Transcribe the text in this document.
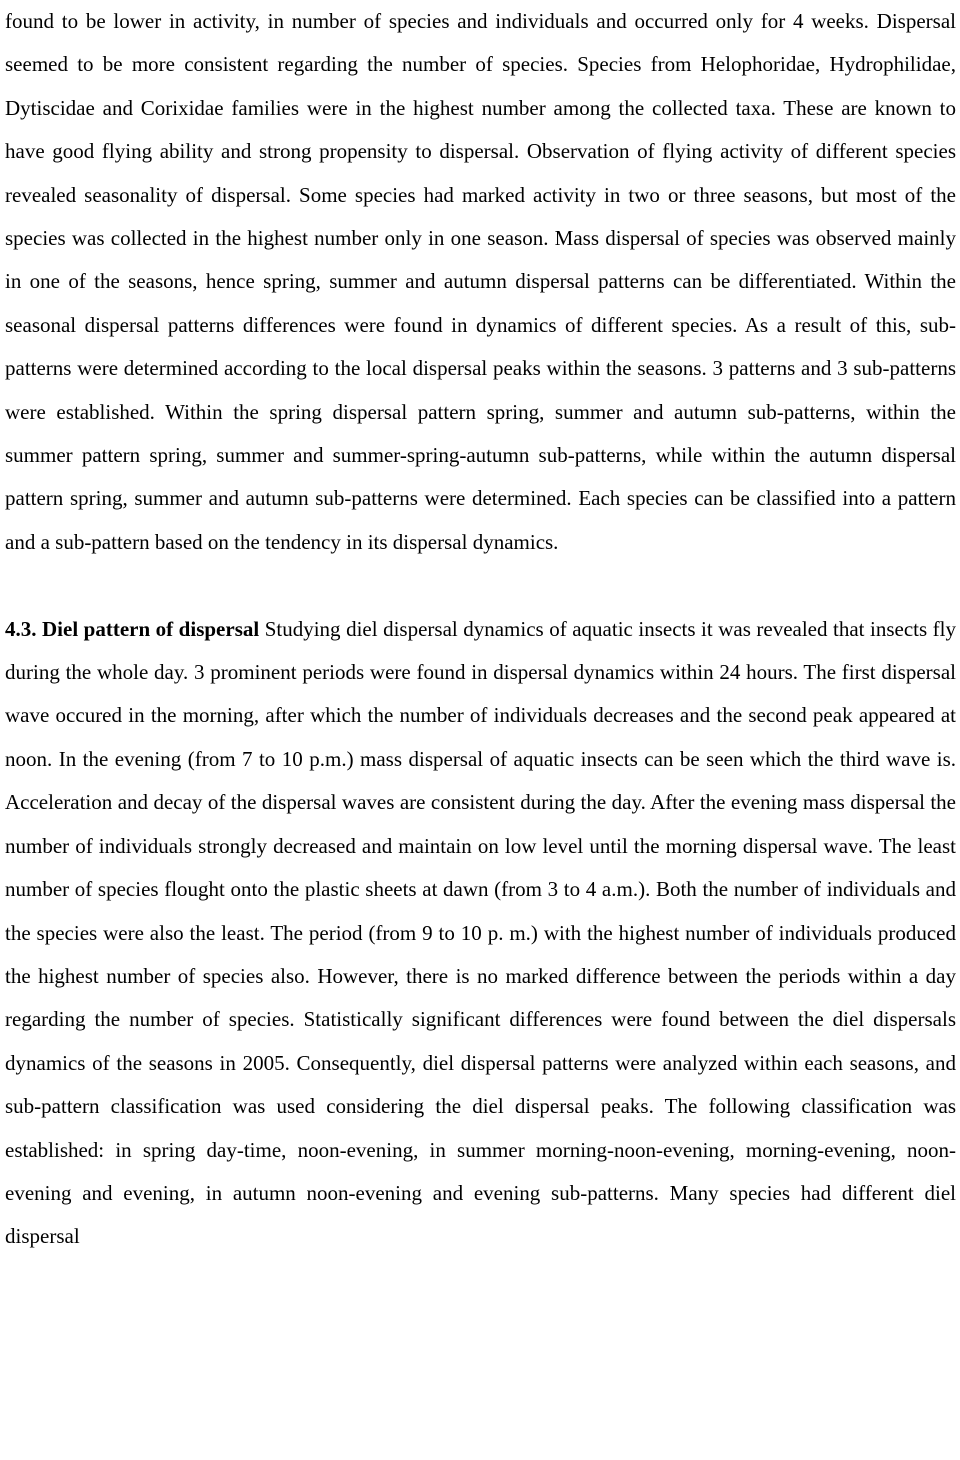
found to be lower in activity, in number of species and individuals and occurred only for 4 weeks. Dispersal seemed to be more consistent regarding the number of species. Species from Helophoridae, Hydrophilidae, Dytiscidae and Corixidae families were in the highest number among the collected taxa. These are known to have good flying ability and strong propensity to dispersal. Observation of flying activity of different species revealed seasonality of dispersal. Some species had marked activity in two or three seasons, but most of the species was collected in the highest number only in one season. Mass dispersal of species was observed mainly in one of the seasons, hence spring, summer and autumn dispersal patterns can be differentiated. Within the seasonal dispersal patterns differences were found in dynamics of different species. As a result of this, sub-patterns were determined according to the local dispersal peaks within the seasons. 3 patterns and 3 sub-patterns were established. Within the spring dispersal pattern spring, summer and autumn sub-patterns, within the summer pattern spring, summer and summer-spring-autumn sub-patterns, while within the autumn dispersal pattern spring, summer and autumn sub-patterns were determined. Each species can be classified into a pattern and a sub-pattern based on the tendency in its dispersal dynamics.

4.3. Diel pattern of dispersal Studying diel dispersal dynamics of aquatic insects it was revealed that insects fly during the whole day. 3 prominent periods were found in dispersal dynamics within 24 hours. The first dispersal wave occured in the morning, after which the number of individuals decreases and the second peak appeared at noon. In the evening (from 7 to 10 p.m.) mass dispersal of aquatic insects can be seen which the third wave is. Acceleration and decay of the dispersal waves are consistent during the day. After the evening mass dispersal the number of individuals strongly decreased and maintain on low level until the morning dispersal wave. The least number of species flought onto the plastic sheets at dawn (from 3 to 4 a.m.). Both the number of individuals and the species were also the least. The period (from 9 to 10 p. m.) with the highest number of individuals produced the highest number of species also. However, there is no marked difference between the periods within a day regarding the number of species. Statistically significant differences were found between the diel dispersals dynamics of the seasons in 2005. Consequently, diel dispersal patterns were analyzed within each seasons, and sub-pattern classification was used considering the diel dispersal peaks. The following classification was established: in spring day-time, noon-evening, in summer morning-noon-evening, morning-evening, noon-evening and evening, in autumn noon-evening and evening sub-patterns. Many species had different diel dispersal
